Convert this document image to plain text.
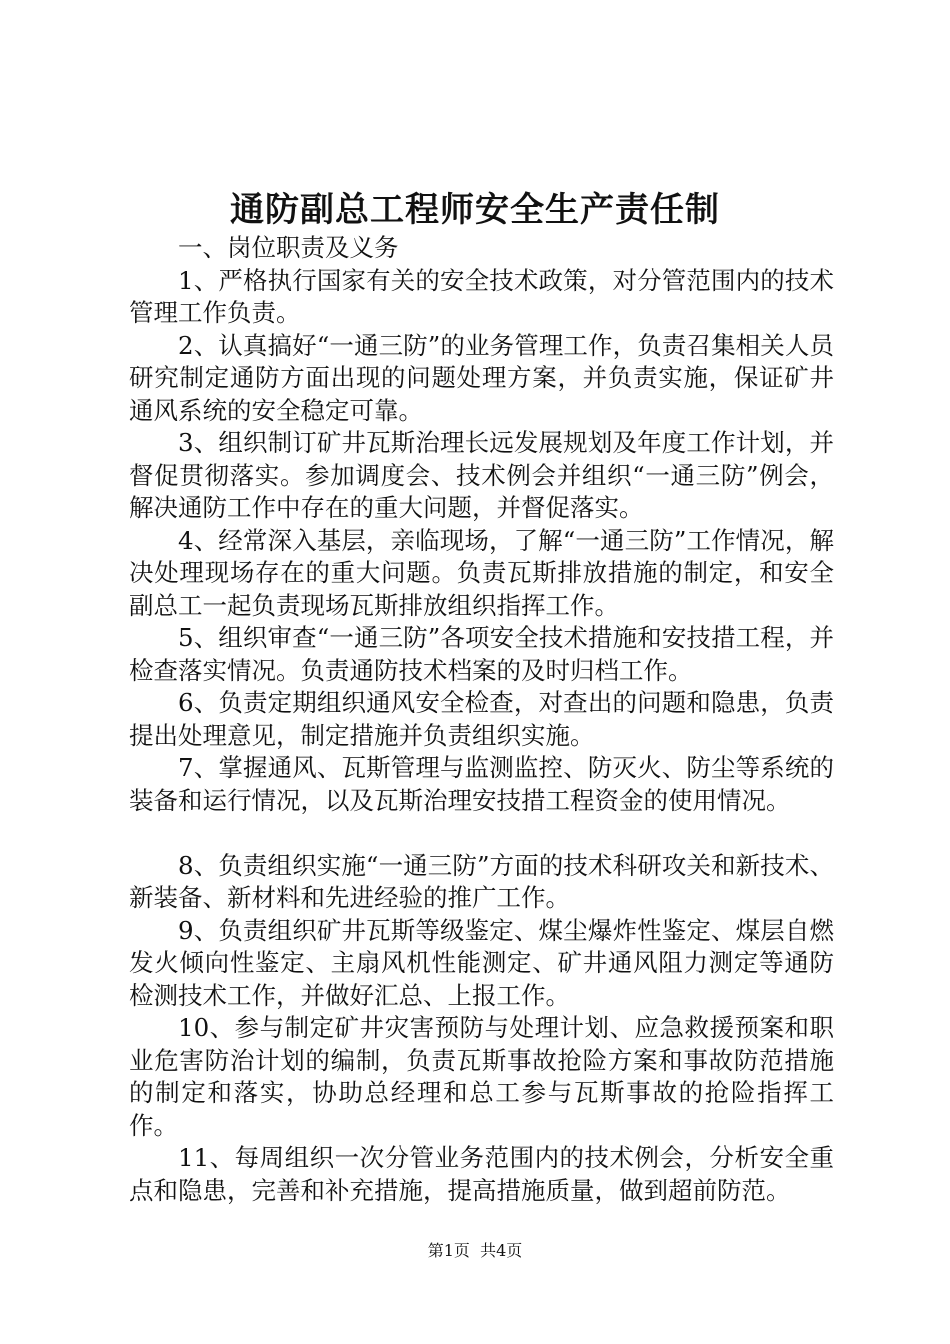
通防副总工程师安全生产责任制

一、岗位职责及义务

1、严格执行国家有关的安全技术政策，对分管范围内的技术管理工作负责。

2、认真搞好“一通三防”的业务管理工作，负责召集相关人员研究制定通防方面出现的问题处理方案，并负责实施，保证矿井通风系统的安全稳定可靠。

3、组织制订矿井瓦斯治理长远发展规划及年度工作计划，并督促贯彻落实。参加调度会、技术例会并组织“一通三防”例会，解决通防工作中存在的重大问题，并督促落实。

4、经常深入基层，亲临现场，了解“一通三防”工作情况，解决处理现场存在的重大问题。负责瓦斯排放措施的制定，和安全副总工一起负责现场瓦斯排放组织指挥工作。

5、组织审查“一通三防”各项安全技术措施和安技措工程，并检查落实情况。负责通防技术档案的及时归档工作。

6、负责定期组织通风安全检查，对查出的问题和隐患，负责提出处理意见，制定措施并负责组织实施。

7、掌握通风、瓦斯管理与监测监控、防灭火、防尘等系统的装备和运行情况，以及瓦斯治理安技措工程资金的使用情况。

8、负责组织实施“一通三防”方面的技术科研攻关和新技术、新装备、新材料和先进经验的推广工作。

9、负责组织矿井瓦斯等级鉴定、煤尘爆炸性鉴定、煤层自燃发火倾向性鉴定、主扇风机性能测定、矿井通风阻力测定等通防检测技术工作，并做好汇总、上报工作。

10、参与制定矿井灾害预防与处理计划、应急救援预案和职业危害防治计划的编制，负责瓦斯事故抢险方案和事故防范措施的制定和落实，协助总经理和总工参与瓦斯事故的抢险指挥工作。

11、每周组织一次分管业务范围内的技术例会，分析安全重点和隐患，完善和补充措施，提高措施质量，做到超前防范。

第1页 共4页
